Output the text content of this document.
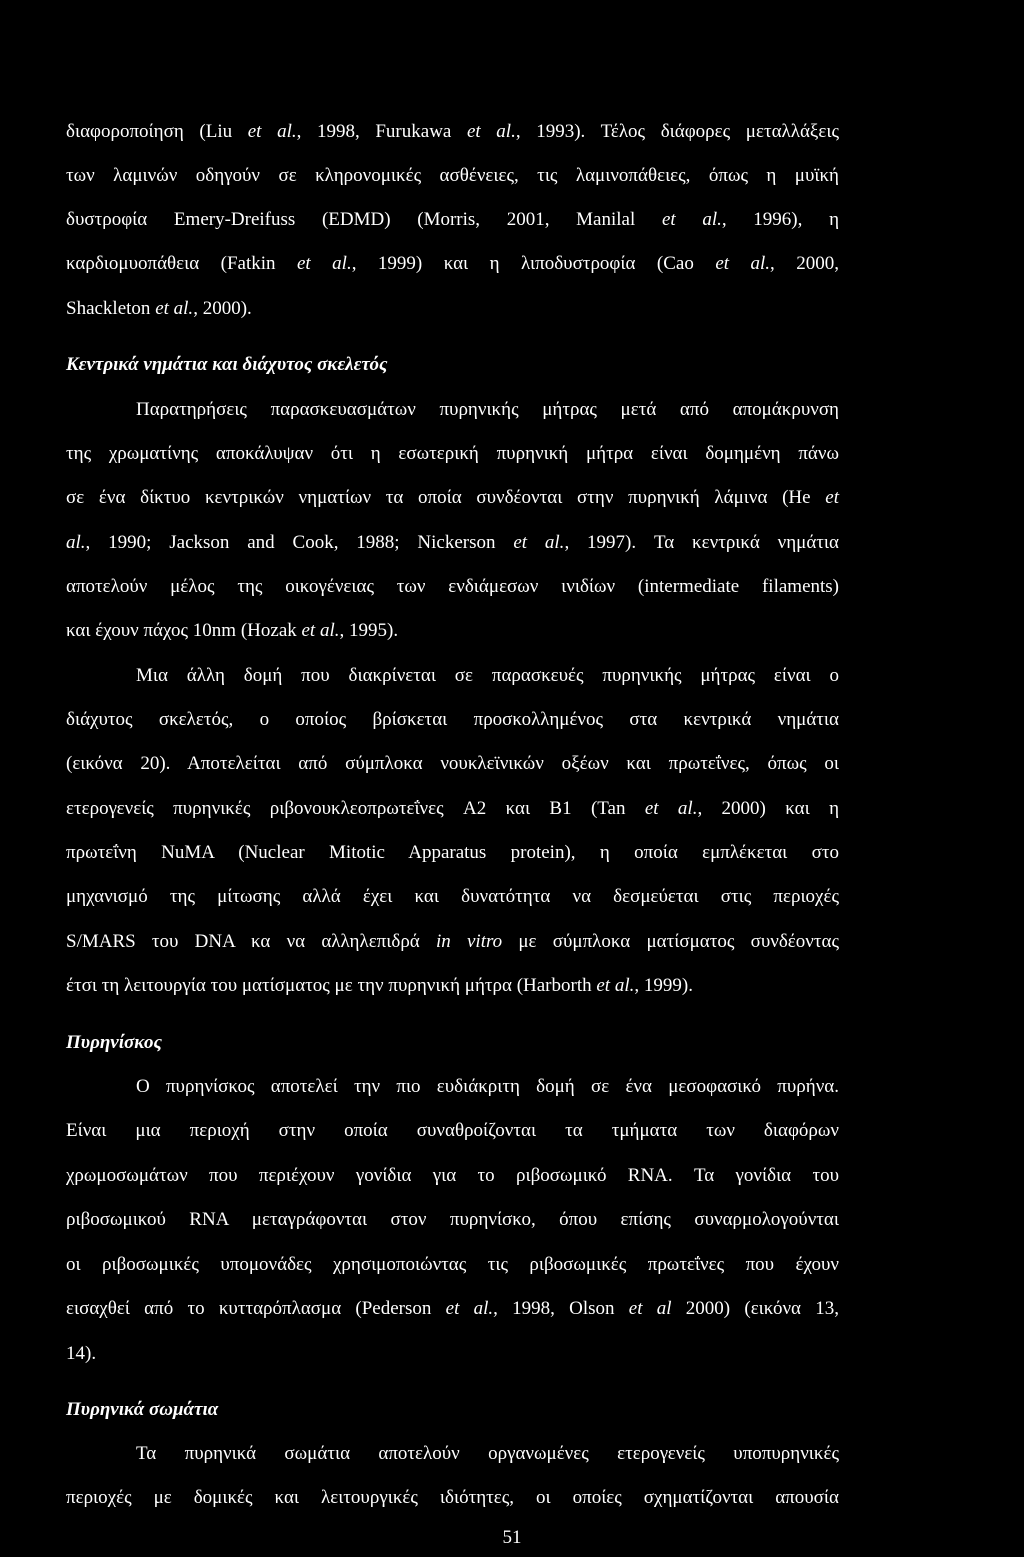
διαφοροποίηση (Liu et al., 1998, Furukawa et al., 1993). Τέλος διάφορες μεταλλάξεις
των λαμινών οδηγούν σε κληρονομικές ασθένειες, τις λαμινοπάθειες, όπως η μυϊκή
δυστροφία Emery-Dreifuss (EDMD) (Morris, 2001, Manilal et al., 1996), η
καρδιομυοπάθεια (Fatkin et al., 1999) και η λιποδυστροφία (Cao et al., 2000,
Shackleton et al., 2000).
Κεντρικά νημάτια και διάχυτος σκελετός
Παρατηρήσεις παρασκευασμάτων πυρηνικής μήτρας μετά από απομάκρυνση
της χρωματίνης αποκάλυψαν ότι η εσωτερική πυρηνική μήτρα είναι δομημένη πάνω
σε ένα δίκτυο κεντρικών νηματίων τα οποία συνδέονται στην πυρηνική λάμινα (He et
al., 1990; Jackson and Cook, 1988; Nickerson et al., 1997). Τα κεντρικά νημάτια
αποτελούν μέλος της οικογένειας των ενδιάμεσων ινιδίων (intermediate filaments)
και έχουν πάχος 10nm (Hozak et al., 1995).
Μια άλλη δομή που διακρίνεται σε παρασκευές πυρηνικής μήτρας είναι ο
διάχυτος σκελετός, ο οποίος βρίσκεται προσκολλημένος στα κεντρικά νημάτια
(εικόνα 20). Αποτελείται από σύμπλοκα νουκλεϊνικών οξέων και πρωτεΐνες, όπως οι
ετερογενείς πυρηνικές ριβονουκλεοπρωτεΐνες A2 και B1 (Tan et al., 2000) και η
πρωτεΐνη NuMA (Nuclear Mitotic Apparatus protein), η οποία εμπλέκεται στο
μηχανισμό της μίτωσης αλλά έχει και δυνατότητα να δεσμεύεται στις περιοχές
S/MARS του DNA κα να αλληλεπιδρά in vitro με σύμπλοκα ματίσματος συνδέοντας
έτσι τη λειτουργία του ματίσματος με την πυρηνική μήτρα (Harborth et al., 1999).
Πυρηνίσκος
Ο πυρηνίσκος αποτελεί την πιο ευδιάκριτη δομή σε ένα μεσοφασικό πυρήνα.
Είναι μια περιοχή στην οποία συναθροίζονται τα τμήματα των διαφόρων
χρωμοσωμάτων που περιέχουν γονίδια για το ριβοσωμικό RNA. Τα γονίδια του
ριβοσωμικού RNA μεταγράφονται στον πυρηνίσκο, όπου επίσης συναρμολογούνται
οι ριβοσωμικές υπομονάδες χρησιμοποιώντας τις ριβοσωμικές πρωτεΐνες που έχουν
εισαχθεί από το κυτταρόπλασμα (Pederson et al., 1998, Olson et al 2000) (εικόνα 13,
14).
Πυρηνικά σωμάτια
Τα πυρηνικά σωμάτια αποτελούν οργανωμένες ετερογενείς υποπυρηνικές
περιοχές με δομικές και λειτουργικές ιδιότητες, οι οποίες σχηματίζονται απουσία
51
